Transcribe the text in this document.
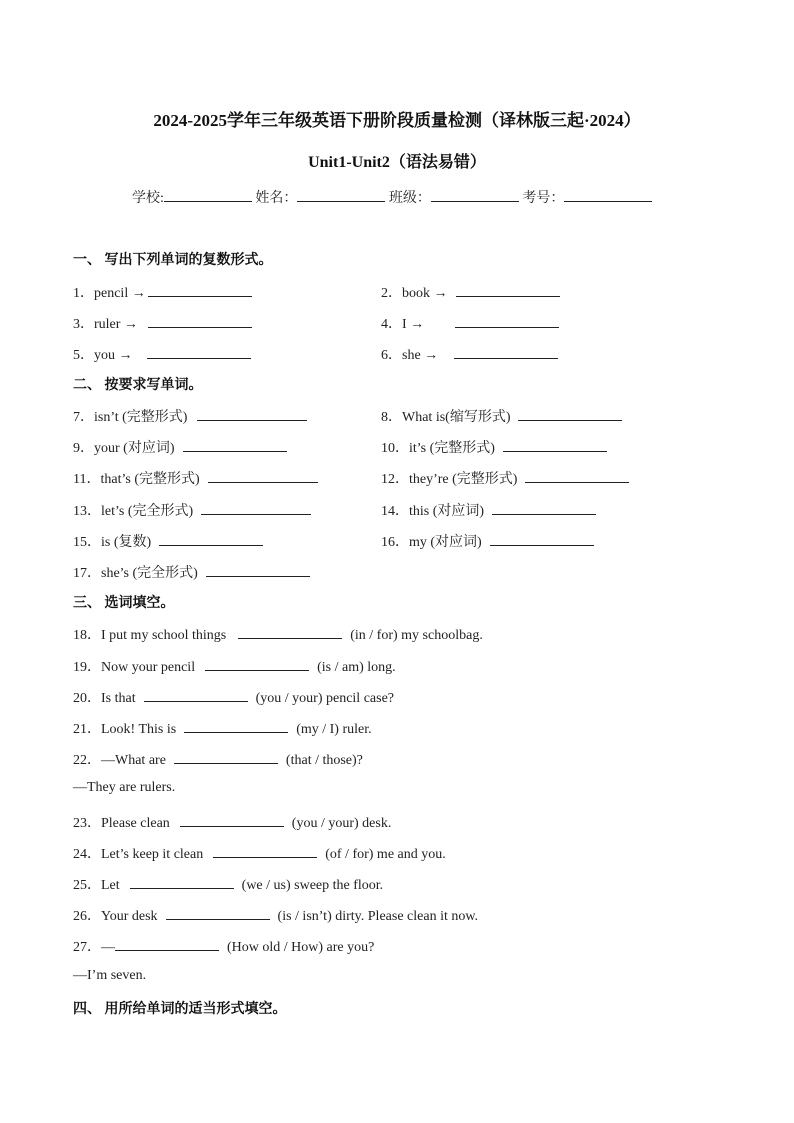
2024-2025学年三年级英语下册阶段质量检测（译林版三起·2024）
Unit1-Unit2（语法易错）
学校:	姓名：	班级：	考号：
一、 写出下列单词的复数形式。
1．pencil →	2．book →
3．ruler →	4．I →
5．you →	6．she →
二、 按要求写单词。
7．isn’t (完整形式)	8．What is(缩写形式)
9．your (对应词)	10．it’s (完整形式)
11．that’s (完整形式)	12．they’re (完整形式)
13．let’s (完全形式)	14．this (对应词)
15．is (复数)	16．my (对应词)
17．she’s (完全形式)
三、 选词填空。
18．I put my school things	(in / for) my schoolbag.
19．Now your pencil	(is / am) long.
20．Is that	(you / your) pencil case?
21．Look! This is	(my / I) ruler.
22．—What are	(that / those)?
—They are rulers.
23．Please clean	(you / your) desk.
24．Let’s keep it clean	(of / for) me and you.
25．Let	(we / us) sweep the floor.
26．Your desk	(is / isn’t) dirty. Please clean it now.
27．—	(How old / How) are you?
—I’m seven.
四、 用所给单词的适当形式填空。
